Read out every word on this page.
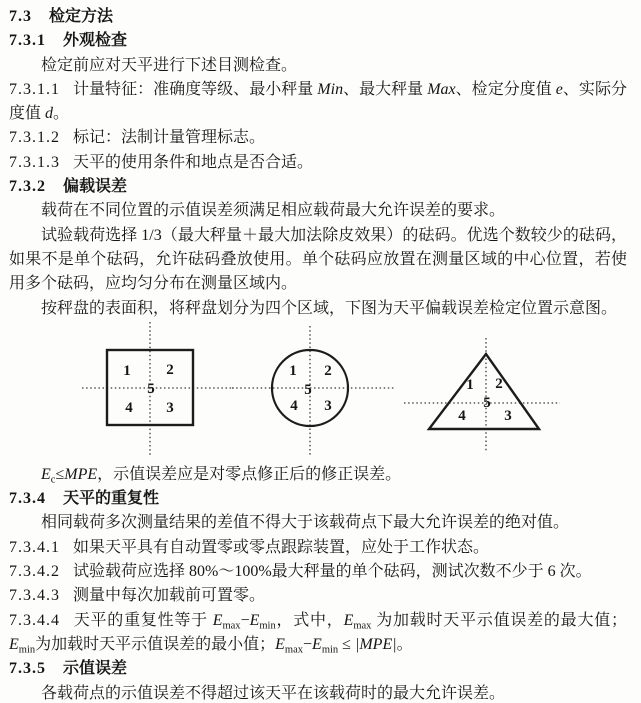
7.3 检定方法

7.3.1 外观检查

检定前应对天平进行下述目测检查。

7.3.1.1 计量特征：准确度等级、最小秤量 Min、最大秤量 Max、检定分度值 e、实际分度值 d。

7.3.1.2 标记：法制计量管理标志。

7.3.1.3 天平的使用条件和地点是否合适。

7.3.2 偏载误差

载荷在不同位置的示值误差须满足相应载荷最大允许误差的要求。

试验载荷选择 1/3（最大秤量＋最大加法除皮效果）的砝码。优选个数较少的砝码，如果不是单个砝码，允许砝码叠放使用。单个砝码应放置在测量区域的中心位置，若使用多个砝码，应均匀分布在测量区域内。

按秤盘的表面积，将秤盘划分为四个区域，下图为天平偏载误差检定位置示意图。

1 2
5
4 3
1 2
5
4 3
1 2
5
4	3

$E_c\le MPE$，示值误差应是对零点修正后的修正误差。

7.3.4 天平的重复性

相同载荷多次测量结果的差值不得大于该载荷点下最大允许误差的绝对值。

7.3.4.1 如果天平具有自动置零或零点跟踪装置，应处于工作状态。

7.3.4.2 试验载荷应选择 80%～100%最大秤量的单个砝码，测试次数不少于 6 次。

7.3.4.3 测量中每次加载前可置零。

7.3.4.4 天平的重复性等于 $E_{max}-E_{min}$，式中，$E_{max}$ 为加载时天平示值误差的最大值；$E_{min}$为加载时天平示值误差的最小值；$E_{max}-E_{min} \le |MPE|$。

7.3.5 示值误差

各载荷点的示值误差不得超过该天平在该载荷时的最大允许误差。
